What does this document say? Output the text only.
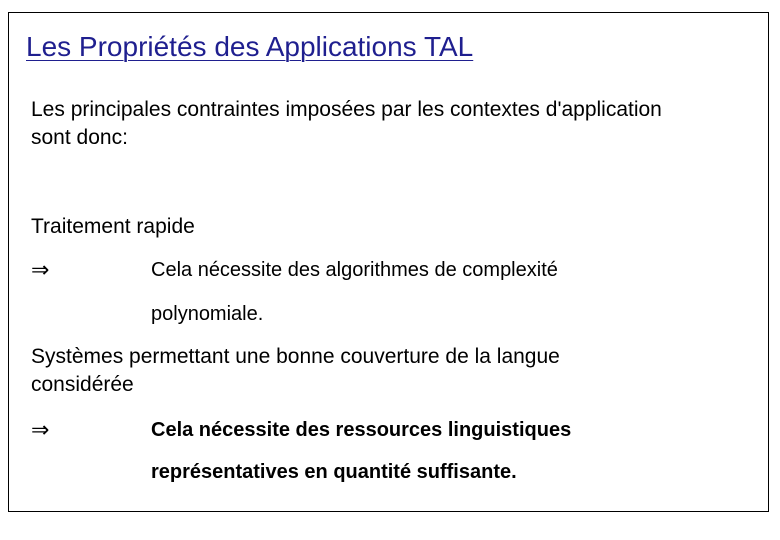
Les Propriétés des Applications TAL
Les principales contraintes imposées par les contextes d'application
sont donc:
Traitement rapide
⇒	Cela nécessite des algorithmes de complexité
polynomiale.
Systèmes permettant une bonne couverture de la langue
considérée
⇒	Cela nécessite des ressources linguistiques
représentatives en quantité suffisante.
